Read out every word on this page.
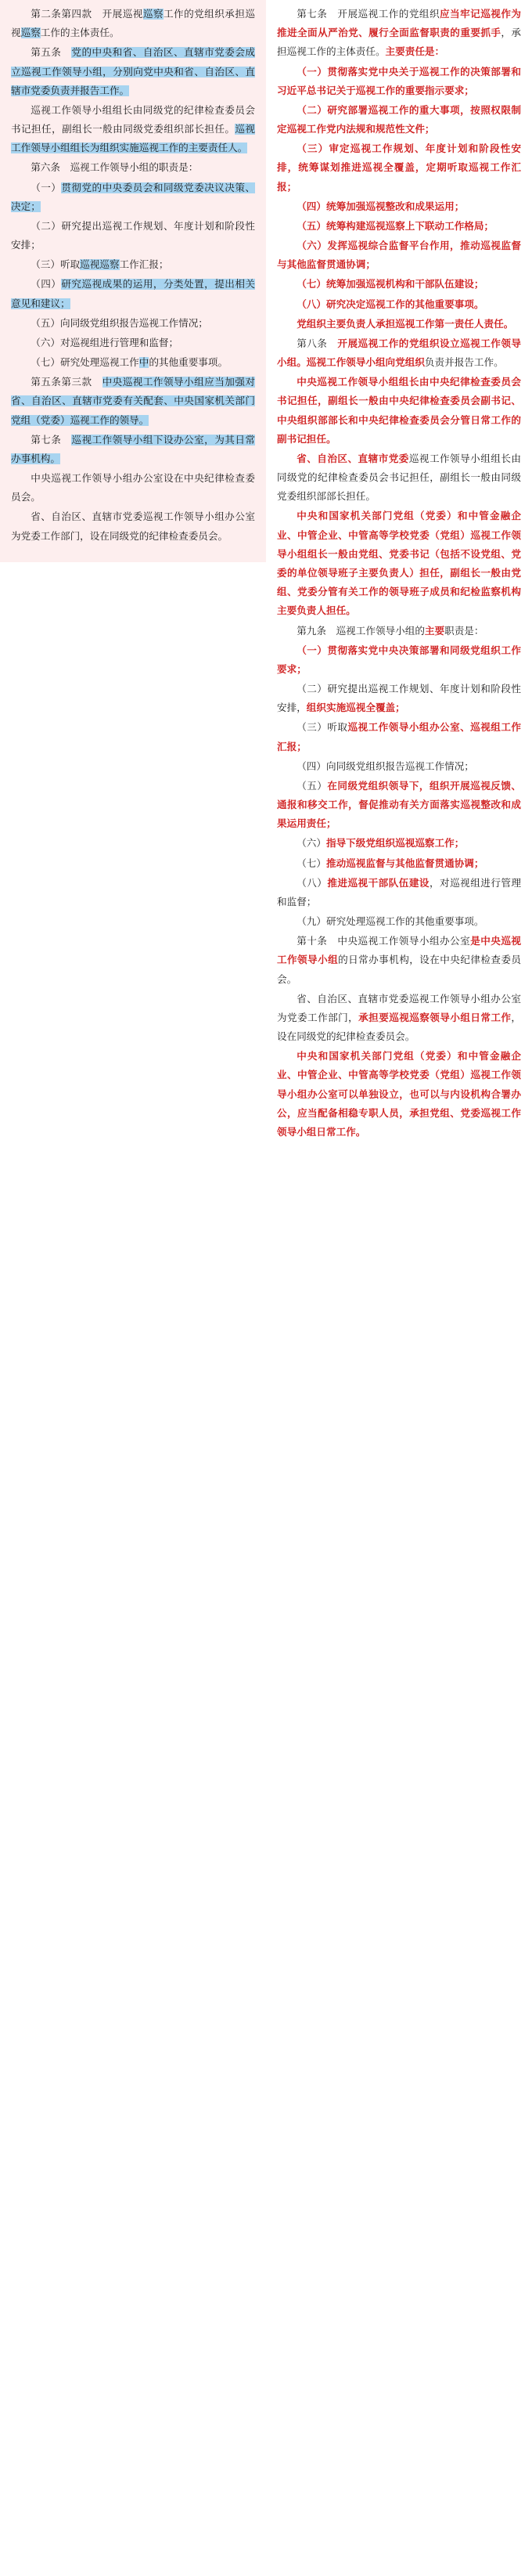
第二条第四款　开展巡视巡察工作的党组织承担巡视巡察工作的主体责任。

第五条　党的中央和省、自治区、直辖市党委会成立巡视工作领导小组，分别向党中央和省、自治区、直辖市党委负责并报告工作。

巡视工作领导小组组长由同级党的纪律检查委员会书记担任，副组长一般由同级党委组织部长担任。巡视工作领导小组组长为组织实施巡视工作的主要责任人。

第六条　巡视工作领导小组的职责是：

（一）贯彻党的中央委员会和同级党委决议决策、决定；

（二）研究提出巡视工作规划、年度计划和阶段性安排；

（三）听取巡视巡察工作汇报；

（四）研究巡视成果的运用，分类处置，提出相关意见和建议；

（五）向同级党组织报告巡视工作情况；

（六）对巡视组进行管理和监督；

（七）研究处理巡视工作中的其他重要事项。

第五条第三款　中央巡视工作领导小组应当加强对省、自治区、直辖市党委有关配套、中央国家机关部门党组（党委）巡视工作的领导。

第七条　巡视工作领导小组下设办公室，为其日常办事机构。

中央巡视工作领导小组办公室设在中央纪律检查委员会。

省、自治区、直辖市党委巡视工作领导小组办公室为党委工作部门，设在同级党的纪律检查委员会。

第七条　开展巡视工作的党组织应当牢记巡视作为推进全面从严治党、履行全面监督职责的重要抓手，承担巡视工作的主体责任。主要责任是：

（一）贯彻落实党中央关于巡视工作的决策部署和习近平总书记关于巡视工作的重要指示要求；

（二）研究部署巡视工作的重大事项，按照权限制定巡视工作党内法规和规范性文件；

（三）审定巡视工作规划、年度计划和阶段性安排，统筹谋划推进巡视全覆盖，定期听取巡视工作汇报；

（四）统筹加强巡视整改和成果运用；

（五）统筹构建巡视巡察上下联动工作格局；

（六）发挥巡视综合监督平台作用，推动巡视监督与其他监督贯通协调；

（七）统筹加强巡视机构和干部队伍建设；

（八）研究决定巡视工作的其他重要事项。

党组织主要负责人承担巡视工作第一责任人责任。

第八条　开展巡视工作的党组织设立巡视工作领导小组。巡视工作领导小组向党组织负责并报告工作。

中央巡视工作领导小组组长由中央纪律检查委员会书记担任，副组长一般由中央纪律检查委员会副书记、中央组织部部长和中央纪律检查委员会分管日常工作的副书记担任。

省、自治区、直辖市党委巡视工作领导小组组长由同级党的纪律检查委员会书记担任，副组长一般由同级党委组织部部长担任。

中央和国家机关部门党组（党委）和中管金融企业、中管企业、中管高等学校党委（党组）巡视工作领导小组组长一般由党组、党委书记（包括不设党组、党委的单位领导班子主要负责人）担任，副组长一般由党组、党委分管有关工作的领导班子成员和纪检监察机构主要负责人担任。

第九条　巡视工作领导小组的主要职责是：

（一）贯彻落实党中央决策部署和同级党组织工作要求；

（二）研究提出巡视工作规划、年度计划和阶段性安排，组织实施巡视全覆盖；

（三）听取巡视工作领导小组办公室、巡视组工作汇报；

（四）向同级党组织报告巡视工作情况；

（五）在同级党组织领导下，组织开展巡视反馈、通报和移交工作，督促推动有关方面落实巡视整改和成果运用责任；

（六）指导下级党组织巡视巡察工作；

（七）推动巡视监督与其他监督贯通协调；

（八）推进巡视干部队伍建设，对巡视组进行管理和监督；

（九）研究处理巡视工作的其他重要事项。

第十条　中央巡视工作领导小组办公室是中央巡视工作领导小组的日常办事机构，设在中央纪律检查委员会。

省、自治区、直辖市党委巡视工作领导小组办公室为党委工作部门，承担要巡视巡察领导小组日常工作，设在同级党的纪律检查委员会。

中央和国家机关部门党组（党委）和中管金融企业、中管企业、中管高等学校党委（党组）巡视工作领导小组办公室可以单独设立，也可以与内设机构合署办公，应当配备相稳专职人员，承担党组、党委巡视工作领导小组日常工作。
